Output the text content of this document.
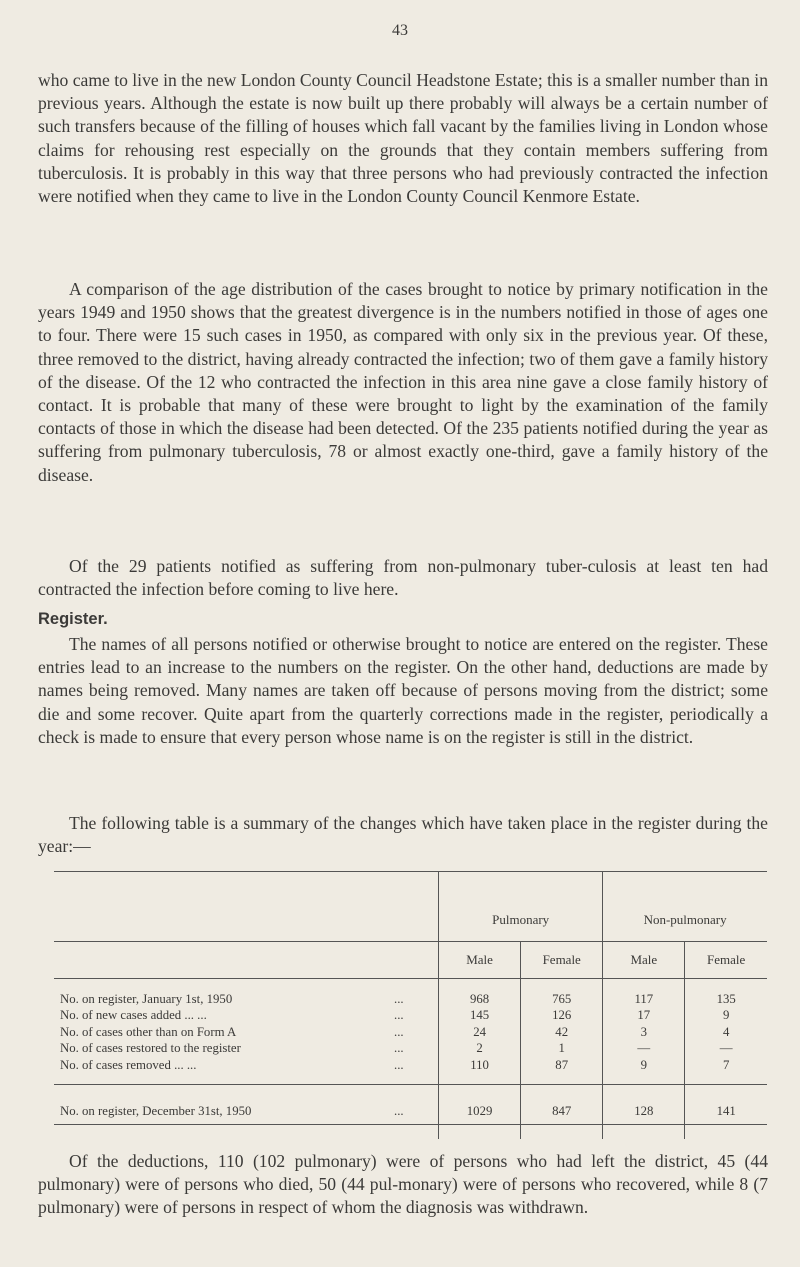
43

who came to live in the new London County Council Headstone Estate; this is a smaller number than in previous years. Although the estate is now built up there probably will always be a certain number of such transfers because of the filling of houses which fall vacant by the families living in London whose claims for rehousing rest especially on the grounds that they contain members suffering from tuberculosis. It is probably in this way that three persons who had previously contracted the infection were notified when they came to live in the London County Council Kenmore Estate.

A comparison of the age distribution of the cases brought to notice by primary notification in the years 1949 and 1950 shows that the greatest divergence is in the numbers notified in those of ages one to four. There were 15 such cases in 1950, as compared with only six in the previous year. Of these, three removed to the district, having already contracted the infection; two of them gave a family history of the disease. Of the 12 who contracted the infection in this area nine gave a close family history of contact. It is probable that many of these were brought to light by the examination of the family contacts of those in which the disease had been detected. Of the 235 patients notified during the year as suffering from pulmonary tuberculosis, 78 or almost exactly one-third, gave a family history of the disease.

Of the 29 patients notified as suffering from non-pulmonary tuber-culosis at least ten had contracted the infection before coming to live here.

Register.

The names of all persons notified or otherwise brought to notice are entered on the register. These entries lead to an increase to the numbers on the register. On the other hand, deductions are made by names being removed. Many names are taken off because of persons moving from the district; some die and some recover. Quite apart from the quarterly corrections made in the register, periodically a check is made to ensure that every person whose name is on the register is still in the district.

The following table is a summary of the changes which have taken place in the register during the year:—

	Pulmonary		Non-pulmonary	
	Male	Female	Male	Female
No. on register, January 1st, 1950 ...	968	765	117	135
No. of new cases added ... ... ...	145	126	17	9
No. of cases other than on Form A ...	24	42	3	4
No. of cases restored to the register ...	2	1	—	—
No. of cases removed ... ... ...	110	87	9	7
No. on register, December 31st, 1950 ...	1029	847	128	141

Of the deductions, 110 (102 pulmonary) were of persons who had left the district, 45 (44 pulmonary) were of persons who died, 50 (44 pul-monary) were of persons who recovered, while 8 (7 pulmonary) were of persons in respect of whom the diagnosis was withdrawn.
